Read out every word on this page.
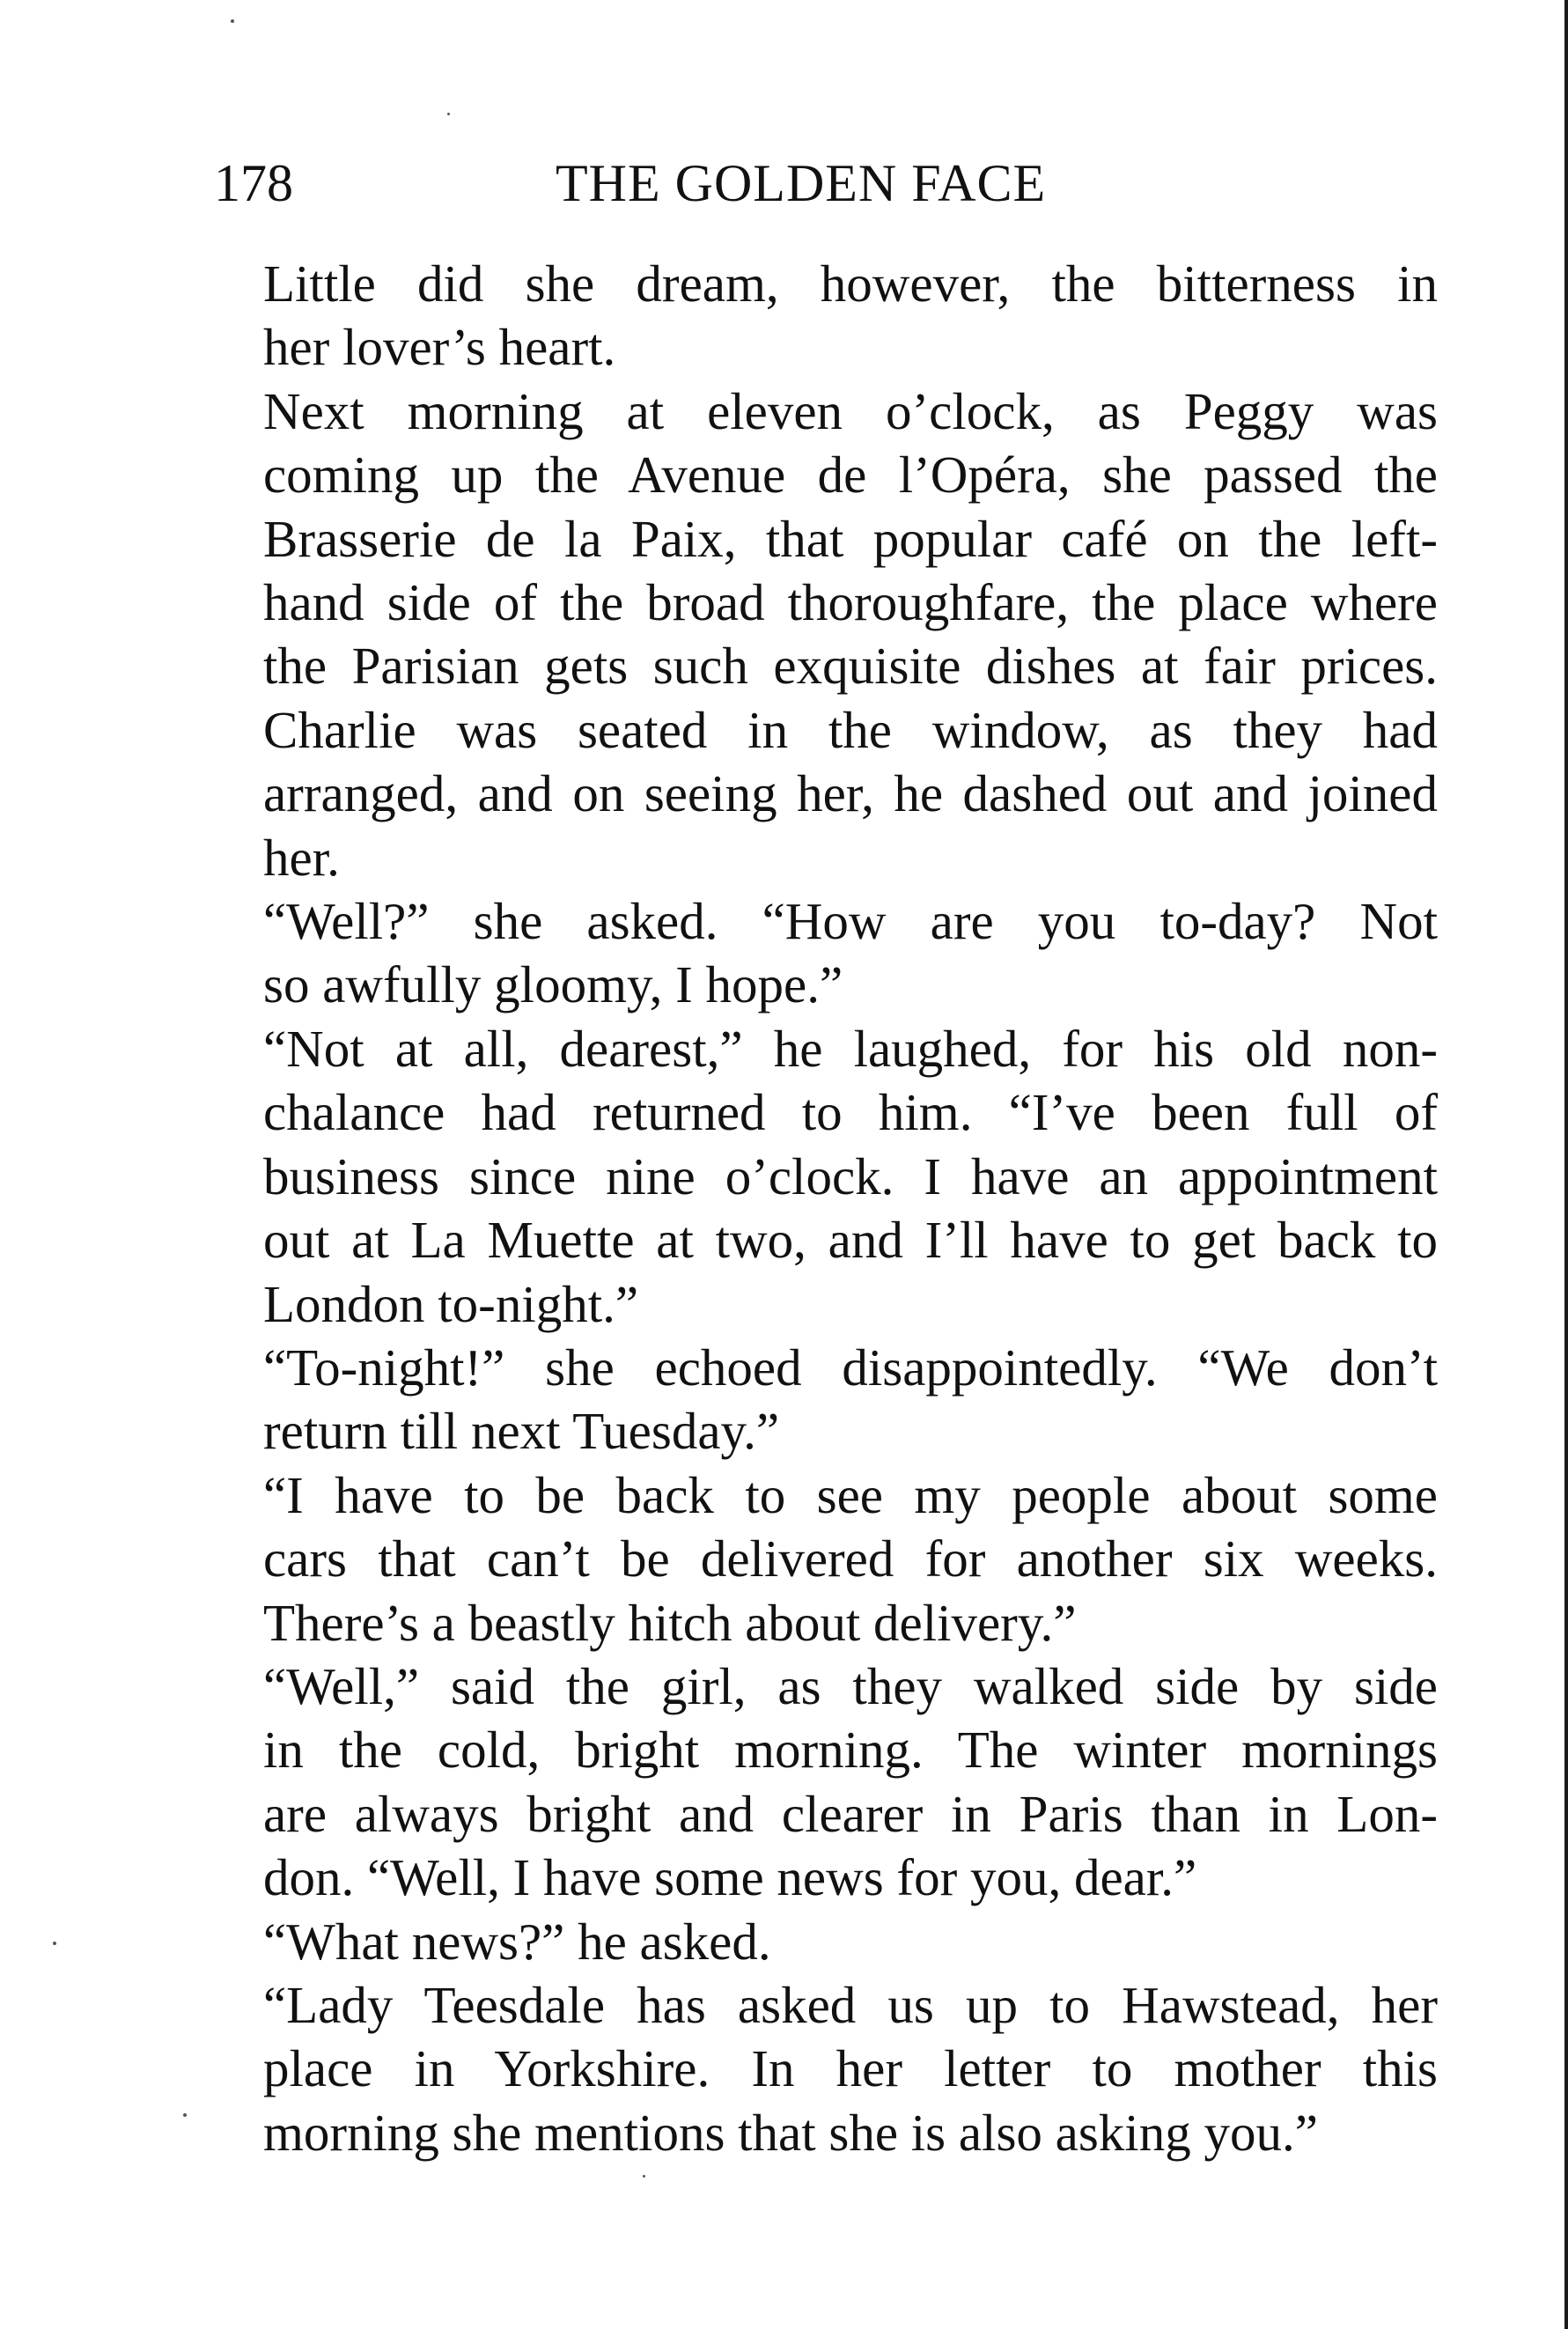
178	THE GOLDEN FACE

Little did she dream, however, the bitterness in
her lover’s heart.

Next morning at eleven o’clock, as Peggy was
coming up the Avenue de l’Opéra, she passed the
Brasserie de la Paix, that popular café on the left-
hand side of the broad thoroughfare, the place where
the Parisian gets such exquisite dishes at fair prices.
Charlie was seated in the window, as they had
arranged, and on seeing her, he dashed out and joined
her.

“Well?” she asked. “How are you to-day? Not
so awfully gloomy, I hope.”

“Not at all, dearest,” he laughed, for his old non-
chalance had returned to him. “I’ve been full of
business since nine o’clock. I have an appointment
out at La Muette at two, and I’ll have to get back to
London to-night.”

“To-night!” she echoed disappointedly. “We don’t
return till next Tuesday.”

“I have to be back to see my people about some
cars that can’t be delivered for another six weeks.
There’s a beastly hitch about delivery.”

“Well,” said the girl, as they walked side by side
in the cold, bright morning. The winter mornings
are always bright and clearer in Paris than in Lon-
don. “Well, I have some news for you, dear.”

“What news?” he asked.

“Lady Teesdale has asked us up to Hawstead, her
place in Yorkshire. In her letter to mother this
morning she mentions that she is also asking you.”
